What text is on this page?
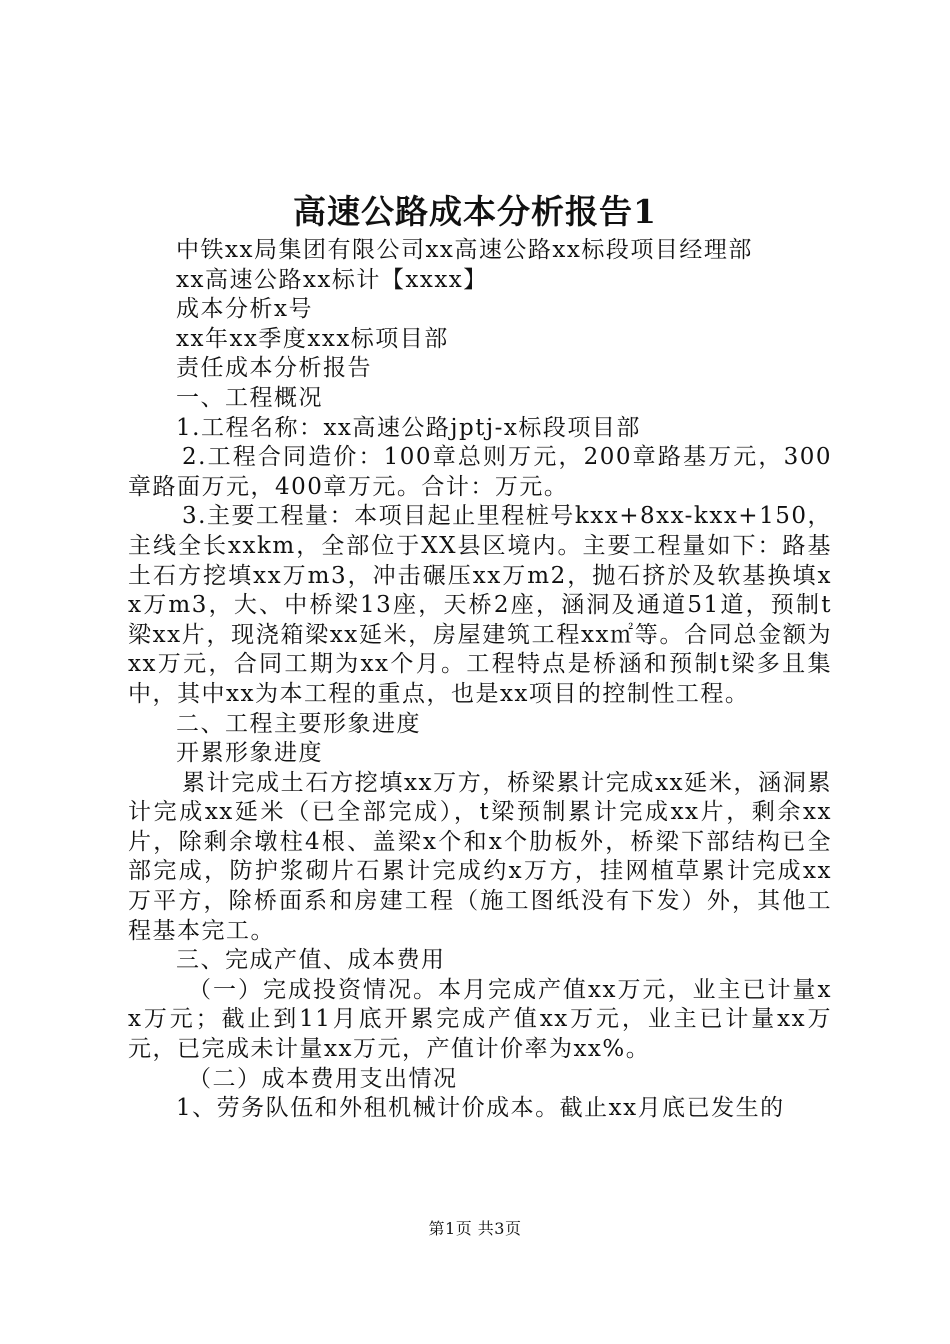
高速公路成本分析报告1

中铁xx局集团有限公司xx高速公路xx标段项目经理部

xx高速公路xx标计【xxxx】

成本分析x号

xx年xx季度xxx标项目部

责任成本分析报告

一、工程概况

1.工程名称：xx高速公路jptj-x标段项目部

2.工程合同造价：100章总则万元，200章路基万元，300章路面万元，400章万元。合计：万元。

3.主要工程量：本项目起止里程桩号kxx+8xx-kxx+150，主线全长xxkm，全部位于XX县区境内。主要工程量如下：路基土石方挖填xx万m3，冲击碾压xx万m2，抛石挤於及软基换填xx万m3，大、中桥梁13座，天桥2座，涵洞及通道51道，预制t梁xx片，现浇箱梁xx延米，房屋建筑工程xx㎡等。合同总金额为xx万元，合同工期为xx个月。工程特点是桥涵和预制t梁多且集中，其中xx为本工程的重点，也是xx项目的控制性工程。

二、工程主要形象进度

开累形象进度

累计完成土石方挖填xx万方，桥梁累计完成xx延米，涵洞累计完成xx延米（已全部完成），t梁预制累计完成xx片，剩余xx片，除剩余墩柱4根、盖梁x个和x个肋板外，桥梁下部结构已全部完成，防护浆砌片石累计完成约x万方，挂网植草累计完成xx万平方，除桥面系和房建工程（施工图纸没有下发）外，其他工程基本完工。

三、完成产值、成本费用

（一）完成投资情况。本月完成产值xx万元，业主已计量xx万元；截止到11月底开累完成产值xx万元，业主已计量xx万元，已完成未计量xx万元，产值计价率为xx%。

（二）成本费用支出情况

1、劳务队伍和外租机械计价成本。截止xx月底已发生的

第1页 共3页
